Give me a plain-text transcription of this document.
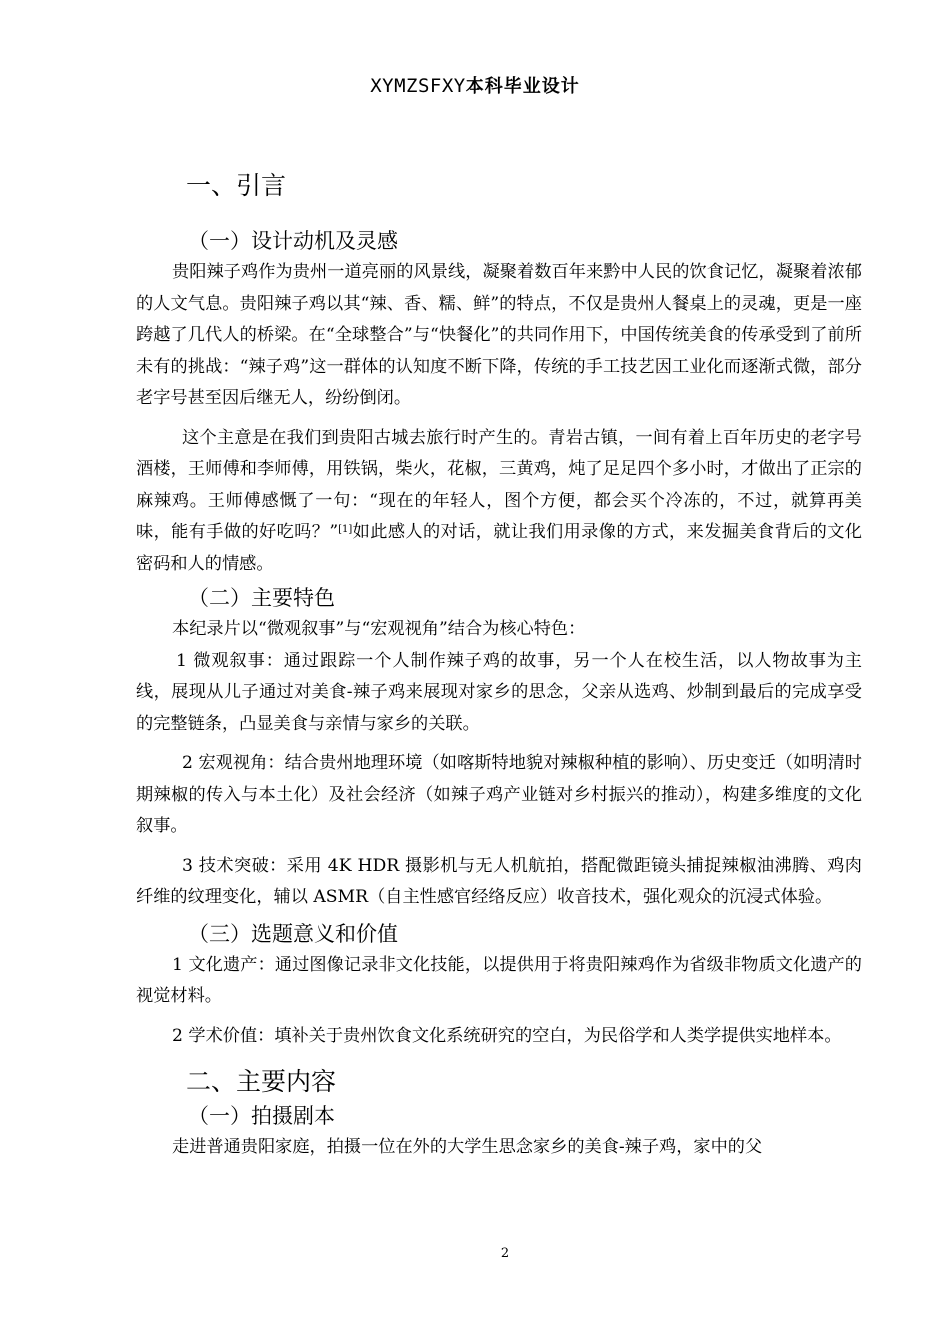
XYMZSFXY本科毕业设计
一、引言
（一）设计动机及灵感

贵阳辣子鸡作为贵州一道亮丽的风景线，凝聚着数百年来黔中人民的饮食记忆，凝聚着浓郁的人文气息。贵阳辣子鸡以其“辣、香、糯、鲜”的特点，不仅是贵州人餐桌上的灵魂，更是一座跨越了几代人的桥梁。在“全球整合”与“快餐化”的共同作用下，中国传统美食的传承受到了前所未有的挑战：“辣子鸡”这一群体的认知度不断下降，传统的手工技艺因工业化而逐渐式微，部分老字号甚至因后继无人，纷纷倒闭。

这个主意是在我们到贵阳古城去旅行时产生的。青岩古镇，一间有着上百年历史的老字号酒楼，王师傅和李师傅，用铁锅，柴火，花椒，三黄鸡，炖了足足四个多小时，才做出了正宗的麻辣鸡。王师傅感慨了一句：“现在的年轻人，图个方便，都会买个冷冻的，不过，就算再美味，能有手做的好吃吗？”[1]如此感人的对话，就让我们用录像的方式，来发掘美食背后的文化密码和人的情感。

（二）主要特色

本纪录片以“微观叙事”与“宏观视角”结合为核心特色：

1 微观叙事：通过跟踪一个人制作辣子鸡的故事，另一个人在校生活，以人物故事为主线，展现从儿子通过对美食-辣子鸡来展现对家乡的思念，父亲从选鸡、炒制到最后的完成享受的完整链条，凸显美食与亲情与家乡的关联。

2 宏观视角：结合贵州地理环境（如喀斯特地貌对辣椒种植的影响）、历史变迁（如明清时期辣椒的传入与本土化）及社会经济（如辣子鸡产业链对乡村振兴的推动），构建多维度的文化叙事。

3 技术突破：采用 4K HDR 摄影机与无人机航拍，搭配微距镜头捕捉辣椒油沸腾、鸡肉纤维的纹理变化，辅以 ASMR（自主性感官经络反应）收音技术，强化观众的沉浸式体验。

（三）选题意义和价值

1 文化遗产：通过图像记录非文化技能，以提供用于将贵阳辣鸡作为省级非物质文化遗产的视觉材料。

2 学术价值：填补关于贵州饮食文化系统研究的空白，为民俗学和人类学提供实地样本。

二、主要内容
（一）拍摄剧本

走进普通贵阳家庭，拍摄一位在外的大学生思念家乡的美食-辣子鸡，家中的父

2
